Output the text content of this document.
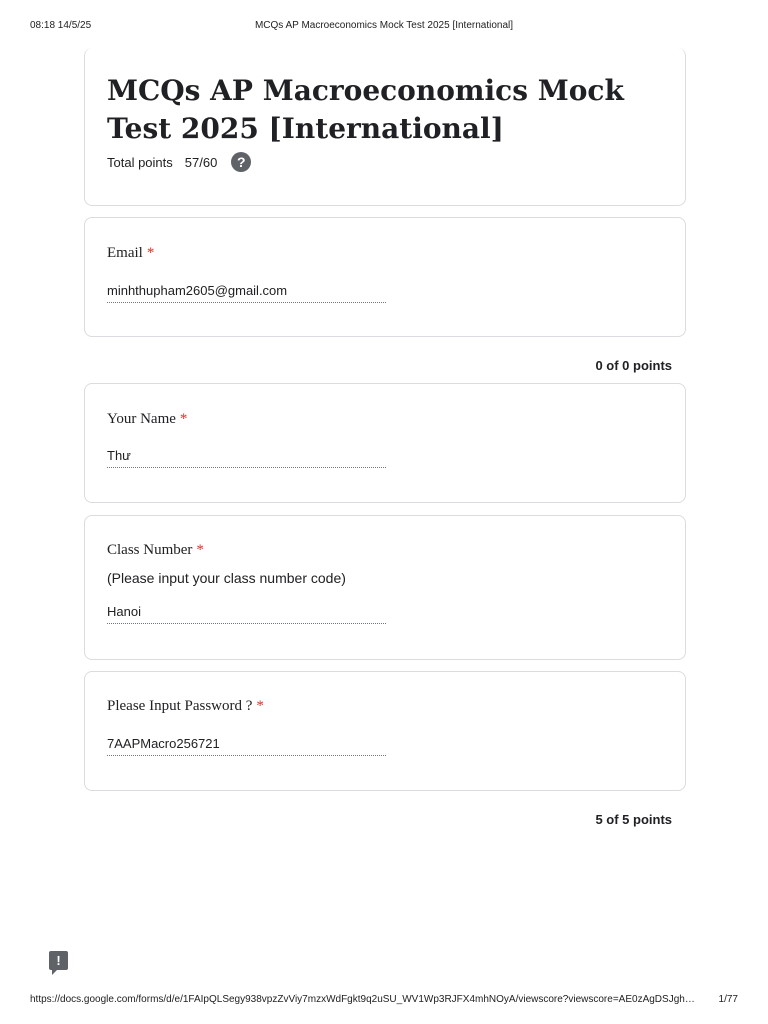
08:18 14/5/25	MCQs AP Macroeconomics Mock Test 2025 [International]
MCQs AP Macroeconomics Mock Test 2025 [International]
Total points 57/60	?
Email *
minhthupham2605@gmail.com
0 of 0 points
Your Name *
Thư
Class Number *
(Please input your class number code)
Hanoi
Please Input Password ? *
7AAPMacro256721
5 of 5 points
!
https://docs.google.com/forms/d/e/1FAIpQLSegy938vpzZvViy7mzxWdFgkt9q2uSU_WV1Wp3RJFX4mhNOyA/viewscore?viewscore=AE0zAgDSJgh…	1/77
